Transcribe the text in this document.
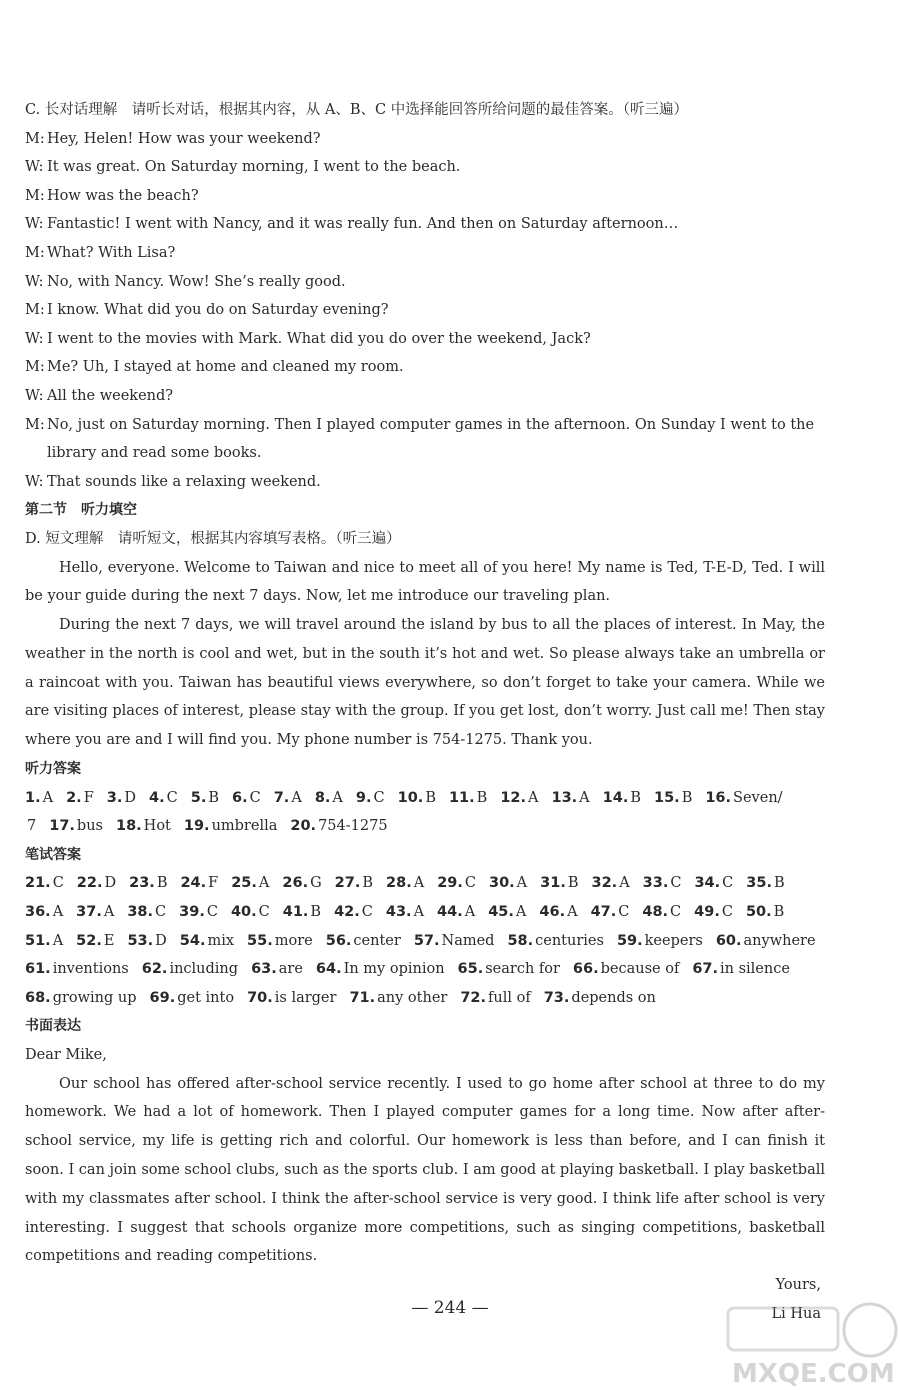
C. 长对话理解　请听长对话，根据其内容，从 A、B、C 中选择能回答所给问题的最佳答案。（听三遍）
M: Hey, Helen! How was your weekend?
W: It was great. On Saturday morning, I went to the beach.
M: How was the beach?
W: Fantastic! I went with Nancy, and it was really fun. And then on Saturday afternoon…
M: What? With Lisa?
W: No, with Nancy. Wow! She’s really good.
M: I know. What did you do on Saturday evening?
W: I went to the movies with Mark. What did you do over the weekend, Jack?
M: Me? Uh, I stayed at home and cleaned my room.
W: All the weekend?
M: No, just on Saturday morning. Then I played computer games in the afternoon. On Sunday I went to the library and read some books.
W: That sounds like a relaxing weekend.
第二节　听力填空
D. 短文理解　请听短文，根据其内容填写表格。（听三遍）

Hello, everyone. Welcome to Taiwan and nice to meet all of you here! My name is Ted, T-E-D, Ted. I will be your guide during the next 7 days. Now, let me introduce our traveling plan.

During the next 7 days, we will travel around the island by bus to all the places of interest. In May, the weather in the north is cool and wet, but in the south it’s hot and wet. So please always take an umbrella or a raincoat with you. Taiwan has beautiful views everywhere, so don’t forget to take your camera. While we are visiting places of interest, please stay with the group. If you get lost, don’t worry. Just call me! Then stay where you are and I will find you. My phone number is 754-1275. Thank you.

听力答案
1. A 2. F 3. D 4. C 5. B 6. C 7. A 8. A 9. C 10. B 11. B 12. A 13. A 14. B 15. B 16. Seven/
7 17. bus 18. Hot 19. umbrella 20. 754-1275
笔试答案
21. C 22. D 23. B 24. F 25. A 26. G 27. B 28. A 29. C 30. A 31. B 32. A 33. C 34. C 35. B
36. A 37. A 38. C 39. C 40. C 41. B 42. C 43. A 44. A 45. A 46. A 47. C 48. C 49. C 50. B
51. A 52. E 53. D 54. mix 55. more 56. center 57. Named 58. centuries 59. keepers 60. anywhere
61. inventions 62. including 63. are 64. In my opinion 65. search for 66. because of 67. in silence
68. growing up 69. get into 70. is larger 71. any other 72. full of 73. depends on
书面表达
Dear Mike,

Our school has offered after-school service recently. I used to go home after school at three to do my homework. We had a lot of homework. Then I played computer games for a long time. Now after after-school service, my life is getting rich and colorful. Our homework is less than before, and I can finish it soon. I can join some school clubs, such as the sports club. I am good at playing basketball. I play basketball with my classmates after school. I think the after-school service is very good. I think life after school is very interesting. I suggest that schools organize more competitions, such as singing competitions, basketball competitions and reading competitions.

Yours,
Li Hua
— 244 —
MXQE.COM
